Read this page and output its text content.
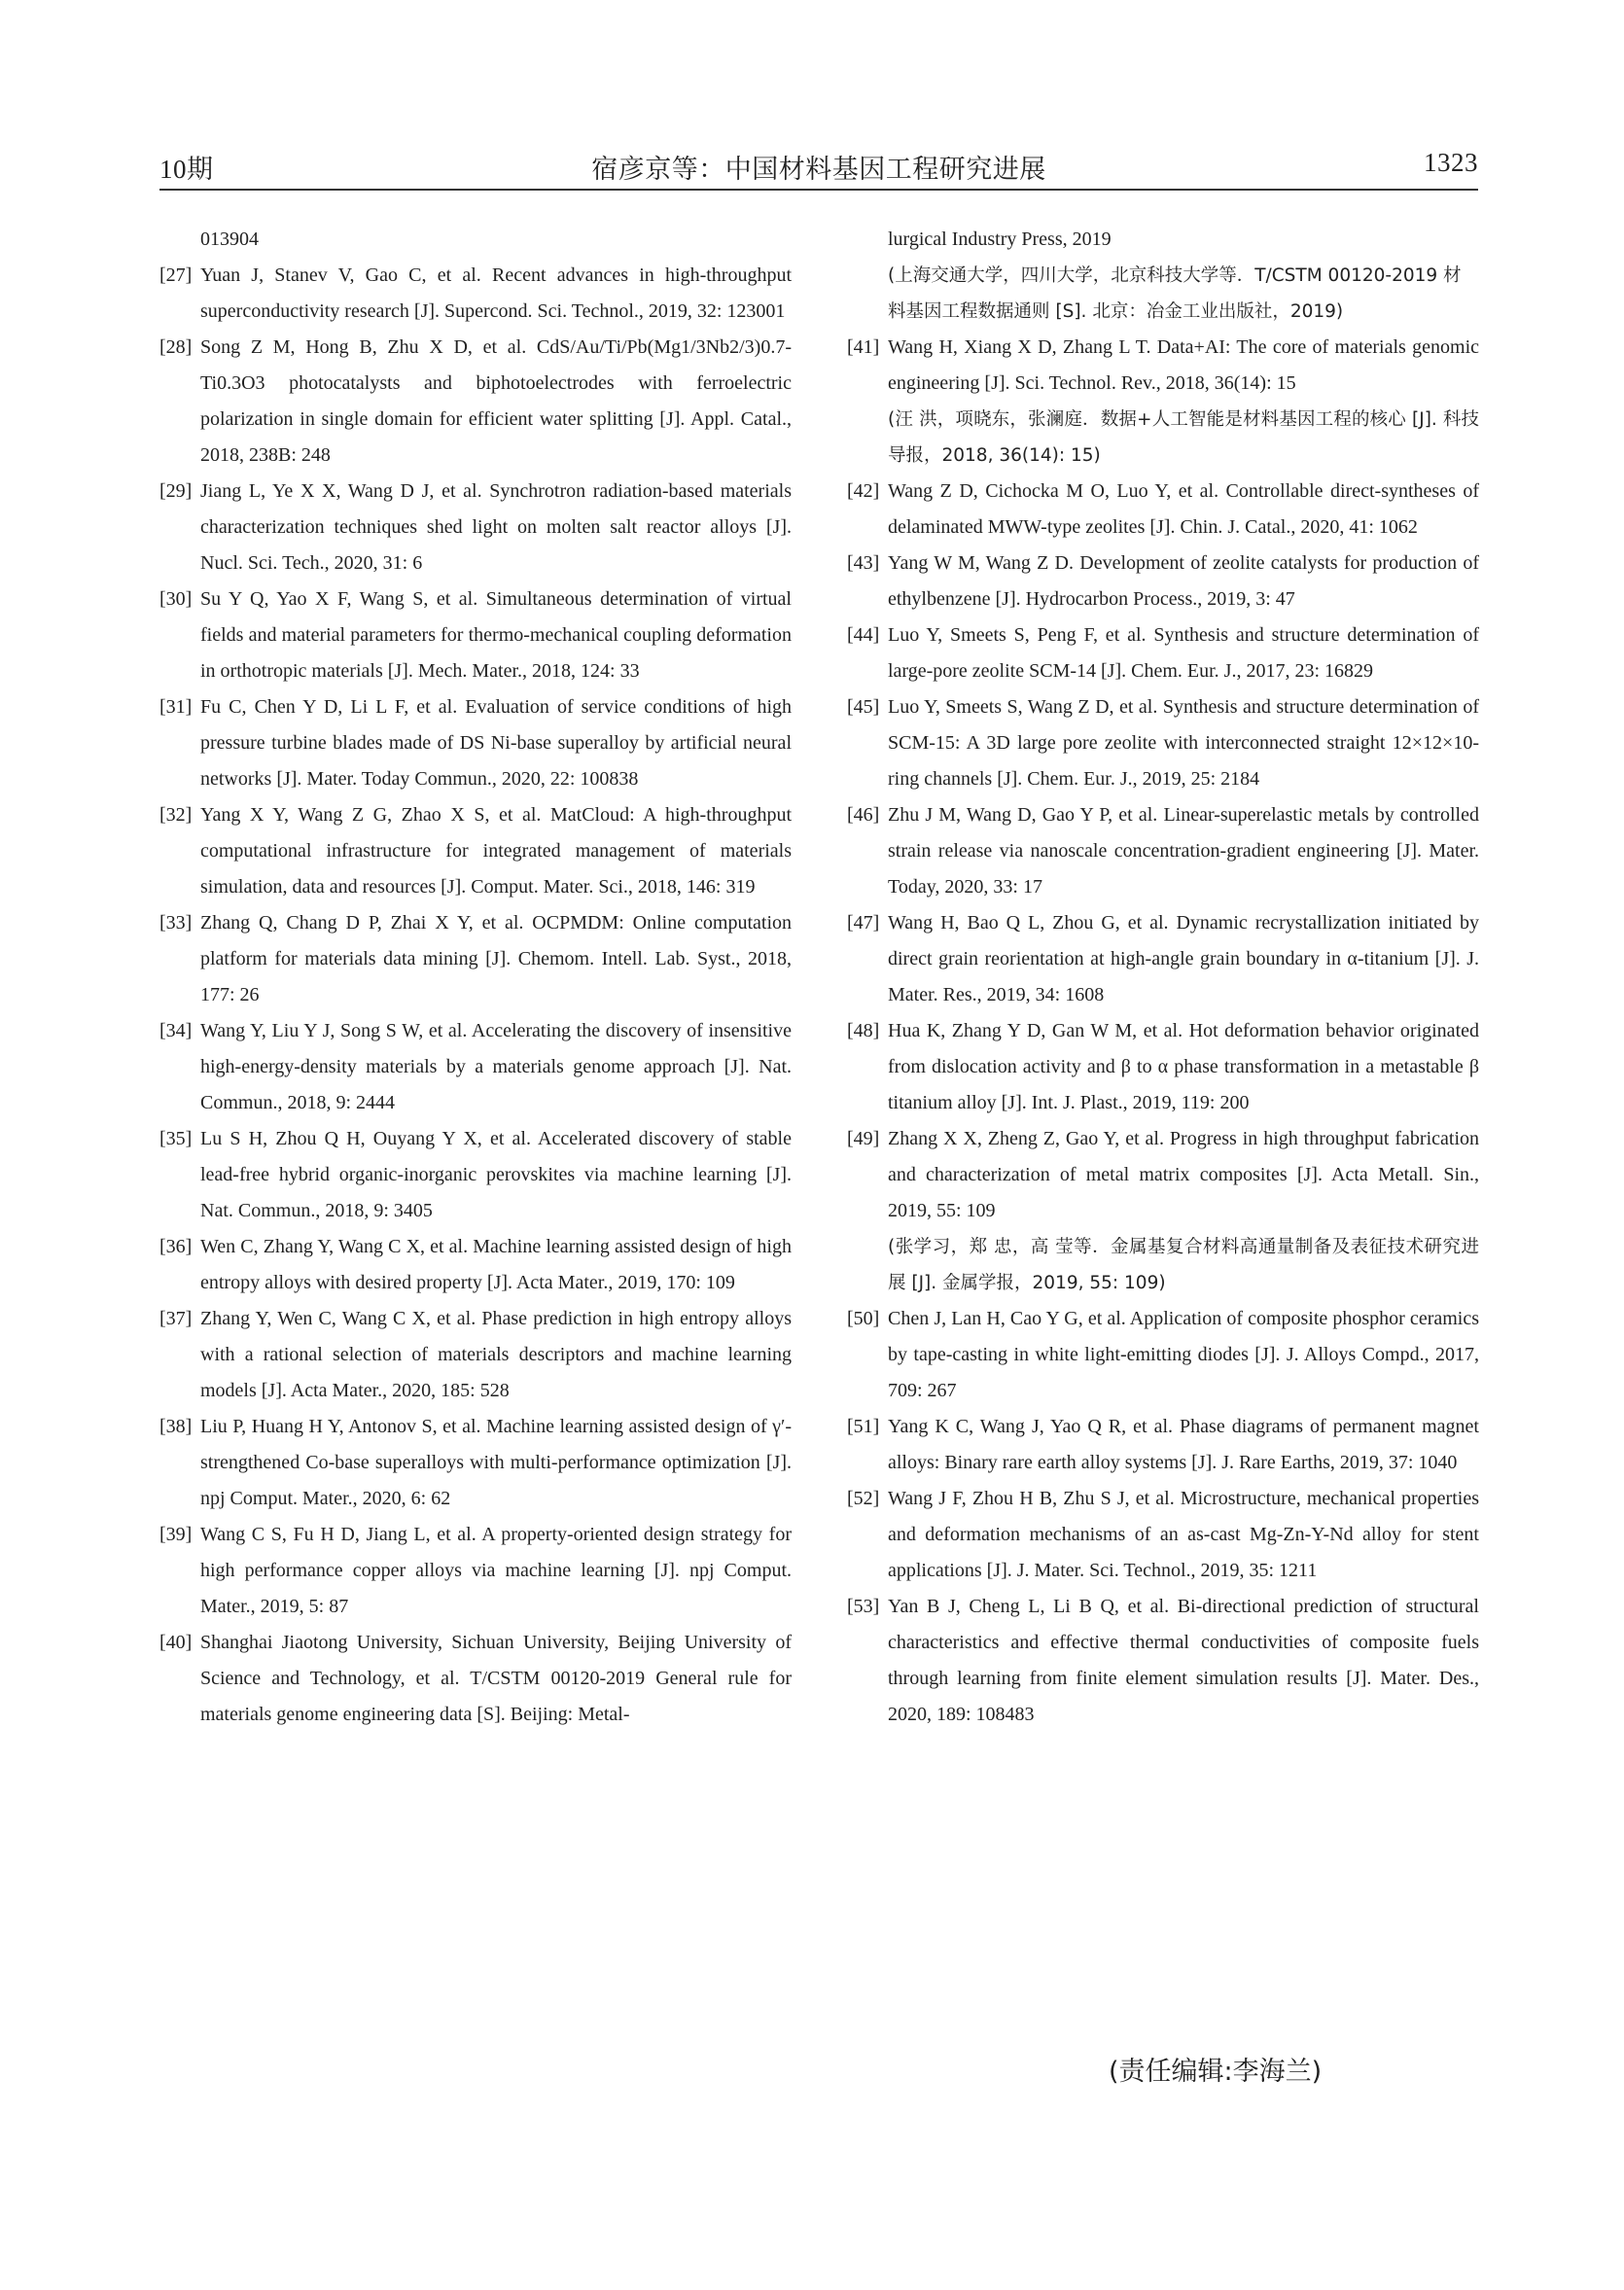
10期	宿彦京等：中国材料基因工程研究进展	1323
013904
[27] Yuan J, Stanev V, Gao C, et al. Recent advances in high-throughput superconductivity research [J]. Supercond. Sci. Technol., 2019, 32: 123001
[28] Song Z M, Hong B, Zhu X D, et al. CdS/Au/Ti/Pb(Mg1/3Nb2/3)0.7-Ti0.3O3 photocatalysts and biphotoelectrodes with ferroelectric polarization in single domain for efficient water splitting [J]. Appl. Catal., 2018, 238B: 248
[29] Jiang L, Ye X X, Wang D J, et al. Synchrotron radiation-based materials characterization techniques shed light on molten salt reactor alloys [J]. Nucl. Sci. Tech., 2020, 31: 6
[30] Su Y Q, Yao X F, Wang S, et al. Simultaneous determination of virtual fields and material parameters for thermo-mechanical coupling deformation in orthotropic materials [J]. Mech. Mater., 2018, 124: 33
[31] Fu C, Chen Y D, Li L F, et al. Evaluation of service conditions of high pressure turbine blades made of DS Ni-base superalloy by artificial neural networks [J]. Mater. Today Commun., 2020, 22: 100838
[32] Yang X Y, Wang Z G, Zhao X S, et al. MatCloud: A high-throughput computational infrastructure for integrated management of materials simulation, data and resources [J]. Comput. Mater. Sci., 2018, 146: 319
[33] Zhang Q, Chang D P, Zhai X Y, et al. OCPMDM: Online computation platform for materials data mining [J]. Chemom. Intell. Lab. Syst., 2018, 177: 26
[34] Wang Y, Liu Y J, Song S W, et al. Accelerating the discovery of insensitive high-energy-density materials by a materials genome approach [J]. Nat. Commun., 2018, 9: 2444
[35] Lu S H, Zhou Q H, Ouyang Y X, et al. Accelerated discovery of stable lead-free hybrid organic-inorganic perovskites via machine learning [J]. Nat. Commun., 2018, 9: 3405
[36] Wen C, Zhang Y, Wang C X, et al. Machine learning assisted design of high entropy alloys with desired property [J]. Acta Mater., 2019, 170: 109
[37] Zhang Y, Wen C, Wang C X, et al. Phase prediction in high entropy alloys with a rational selection of materials descriptors and machine learning models [J]. Acta Mater., 2020, 185: 528
[38] Liu P, Huang H Y, Antonov S, et al. Machine learning assisted design of γ′-strengthened Co-base superalloys with multi-performance optimization [J]. npj Comput. Mater., 2020, 6: 62
[39] Wang C S, Fu H D, Jiang L, et al. A property-oriented design strategy for high performance copper alloys via machine learning [J]. npj Comput. Mater., 2019, 5: 87
[40] Shanghai Jiaotong University, Sichuan University, Beijing University of Science and Technology, et al. T/CSTM 00120-2019 General rule for materials genome engineering data [S]. Beijing: Metal-
lurgical Industry Press, 2019
(上海交通大学，四川大学，北京科技大学等．T/CSTM 00120-2019 材料基因工程数据通则 [S]. 北京：冶金工业出版社，2019)
[41] Wang H, Xiang X D, Zhang L T. Data+AI: The core of materials genomic engineering [J]. Sci. Technol. Rev., 2018, 36(14): 15
(汪 洪，项晓东，张澜庭．数据+人工智能是材料基因工程的核心 [J]. 科技导报，2018, 36(14): 15)
[42] Wang Z D, Cichocka M O, Luo Y, et al. Controllable direct-syntheses of delaminated MWW-type zeolites [J]. Chin. J. Catal., 2020, 41: 1062
[43] Yang W M, Wang Z D. Development of zeolite catalysts for production of ethylbenzene [J]. Hydrocarbon Process., 2019, 3: 47
[44] Luo Y, Smeets S, Peng F, et al. Synthesis and structure determination of large-pore zeolite SCM-14 [J]. Chem. Eur. J., 2017, 23: 16829
[45] Luo Y, Smeets S, Wang Z D, et al. Synthesis and structure determination of SCM-15: A 3D large pore zeolite with interconnected straight 12×12×10-ring channels [J]. Chem. Eur. J., 2019, 25: 2184
[46] Zhu J M, Wang D, Gao Y P, et al. Linear-superelastic metals by controlled strain release via nanoscale concentration-gradient engineering [J]. Mater. Today, 2020, 33: 17
[47] Wang H, Bao Q L, Zhou G, et al. Dynamic recrystallization initiated by direct grain reorientation at high-angle grain boundary in α-titanium [J]. J. Mater. Res., 2019, 34: 1608
[48] Hua K, Zhang Y D, Gan W M, et al. Hot deformation behavior originated from dislocation activity and β to α phase transformation in a metastable β titanium alloy [J]. Int. J. Plast., 2019, 119: 200
[49] Zhang X X, Zheng Z, Gao Y, et al. Progress in high throughput fabrication and characterization of metal matrix composites [J]. Acta Metall. Sin., 2019, 55: 109
(张学习，郑 忠，高 莹等．金属基复合材料高通量制备及表征技术研究进展 [J]. 金属学报，2019, 55: 109)
[50] Chen J, Lan H, Cao Y G, et al. Application of composite phosphor ceramics by tape-casting in white light-emitting diodes [J]. J. Alloys Compd., 2017, 709: 267
[51] Yang K C, Wang J, Yao Q R, et al. Phase diagrams of permanent magnet alloys: Binary rare earth alloy systems [J]. J. Rare Earths, 2019, 37: 1040
[52] Wang J F, Zhou H B, Zhu S J, et al. Microstructure, mechanical properties and deformation mechanisms of an as-cast Mg-Zn-Y-Nd alloy for stent applications [J]. J. Mater. Sci. Technol., 2019, 35: 1211
[53] Yan B J, Cheng L, Li B Q, et al. Bi-directional prediction of structural characteristics and effective thermal conductivities of composite fuels through learning from finite element simulation results [J]. Mater. Des., 2020, 189: 108483
(责任编辑:李海兰)
